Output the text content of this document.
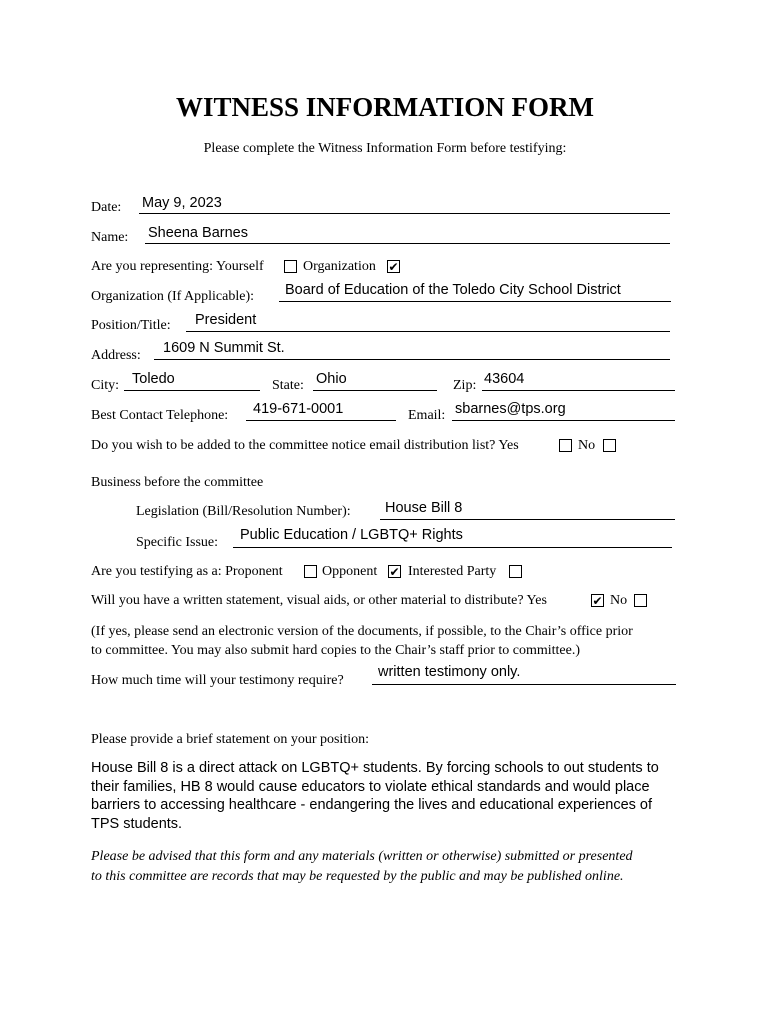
WITNESS INFORMATION FORM
Please complete the Witness Information Form before testifying:
Date: May 9, 2023
Name: Sheena Barnes
Are you representing: Yourself	Organization ✔
Organization (If Applicable): Board of Education of the Toledo City School District
Position/Title: President
Address: 1609 N Summit St.
City: Toledo	State: Ohio	Zip: 43604
Best Contact Telephone: 419-671-0001	Email: sbarnes@tps.org
Do you wish to be added to the committee notice email distribution list? Yes	No
Business before the committee
Legislation (Bill/Resolution Number): House Bill 8
Specific Issue: Public Education / LGBTQ+ Rights
Are you testifying as a: Proponent	Opponent ✔ Interested Party
Will you have a written statement, visual aids, or other material to distribute? Yes	✔ No
(If yes, please send an electronic version of the documents, if possible, to the Chair’s office prior
to committee. You may also submit hard copies to the Chair’s staff prior to committee.)
How much time will your testimony require?
written testimony only.
Please provide a brief statement on your position:
House Bill 8 is a direct attack on LGBTQ+ students. By forcing schools to out students to their families, HB 8 would cause educators to violate ethical standards and would place barriers to accessing healthcare - endangering the lives and educational experiences of TPS students.
Please be advised that this form and any materials (written or otherwise) submitted or presented
to this committee are records that may be requested by the public and may be published online.
